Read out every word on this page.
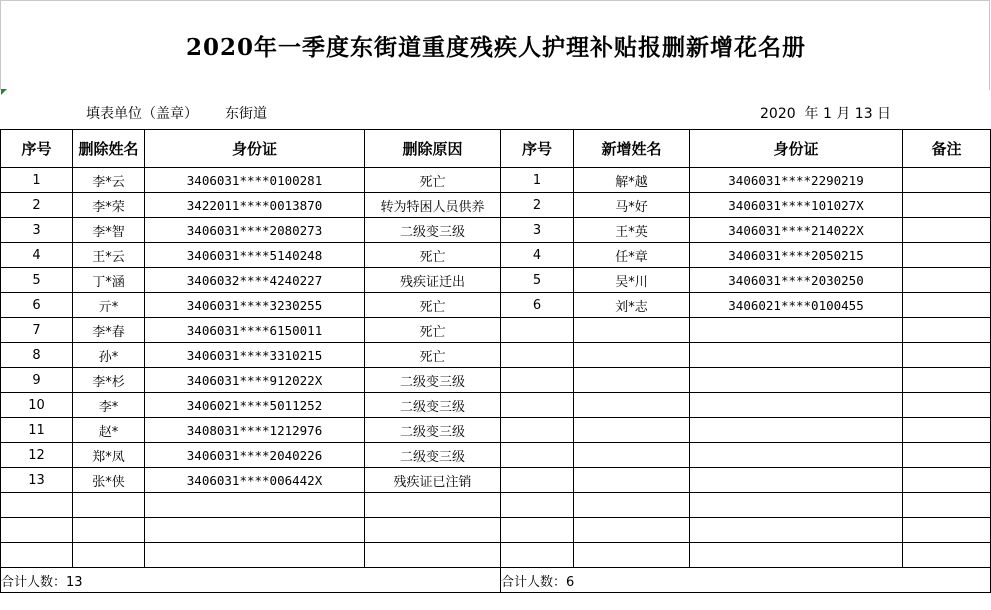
2020年一季度东街道重度残疾人护理补贴报删新增花名册
填表单位（盖章） 东街道	2020  年 1 月 13 日
序号	删除姓名	身份证	删除原因	序号	新增姓名	身份证	备注
1	李*云	3406031****0100281	死亡	1	解*越	3406031****2290219	
2	李*荣	3422011****0013870	转为特困人员供养	2	马*好	3406031****101027X	
3	李*智	3406031****2080273	二级变三级	3	王*英	3406031****214022X	
4	王*云	3406031****5140248	死亡	4	任*章	3406031****2050215	
5	丁*涵	3406032****4240227	残疾证迁出	5	吴*川	3406031****2030250	
6	亓*	3406031****3230255	死亡	6	刘*志	3406021****0100455	
7	李*春	3406031****6150011	死亡				
8	孙*	3406031****3310215	死亡				
9	李*杉	3406031****912022X	二级变三级				
10	李*	3406021****5011252	二级变三级				
11	赵*	3408031****1212976	二级变三级				
12	郑*凤	3406031****2040226	二级变三级				
13	张*侠	3406031****006442X	残疾证已注销				

合计人数：13				合计人数：6			
